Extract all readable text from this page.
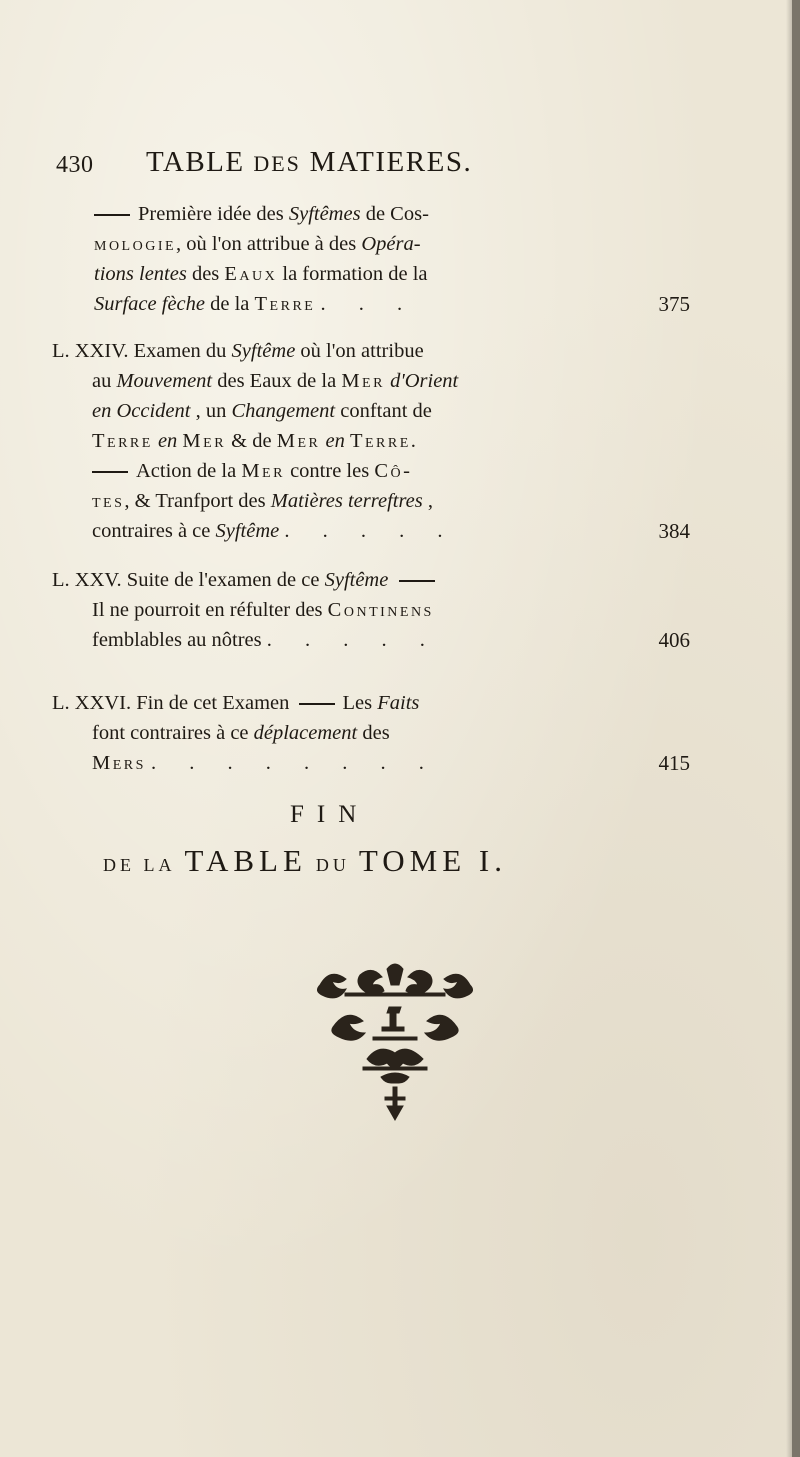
430 TABLE DES MATIERES.
Première idée des Syftêmes de Cos-
mologie, où l'on attribue à des Opéra-
tions lentes des Eaux la formation de la
Surface fèche de la Terre . . .	375
L. XXIV. Examen du Syftême où l'on attribue
au Mouvement des Eaux de la Mer d'Orient
en Occident , un Changement conftant de
Terre en Mer & de Mer en Terre.
Action de la Mer contre les Cô-
tes, & Tranfport des Matières terreftres ,
contraires à ce Syftême . . . . .	384
L. XXV. Suite de l'examen de ce Syftême
Il ne pourroit en réfulter des Continens
femblables au nôtres . . . . .	406
L. XXVI. Fin de cet Examen Les Faits
font contraires à ce déplacement des
Mers . . . . . . . .	415
FIN
DE LA TABLE DU TOME I.
